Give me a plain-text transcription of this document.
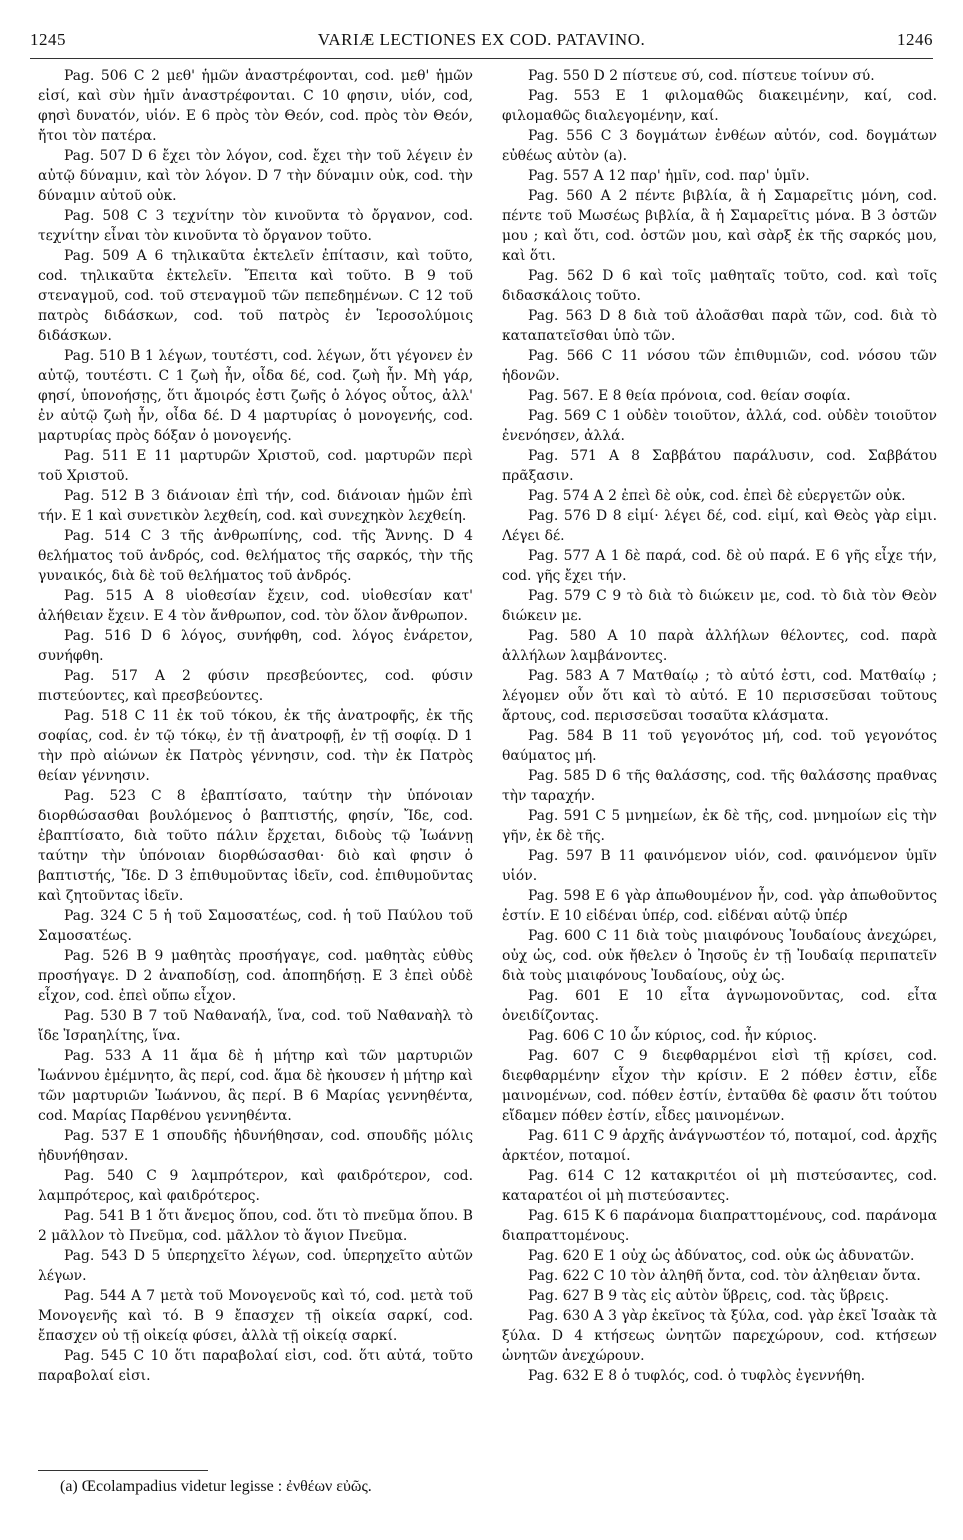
1245	VARIÆ LECTIONES EX COD. PATAVINO.	1246

Pag. 506 C 2 μεθ' ἡμῶν ἀναστρέφονται, cod. μεθ' ἡμῶν εἰσί, καὶ σὺν ἡμῖν ἀναστρέφονται. C 10 φησιν, υἱόν, cod, φησὶ δυνατόν, υἱόν. E 6 πρὸς τὸν Θεόν, cod. πρὸς τὸν Θεόν, ἤτοι τὸν πατέρα.

Pag. 507 D 6 ἔχει τὸν λόγον, cod. ἔχει τὴν τοῦ λέγειν ἐν αὐτῷ δύναμιν, καὶ τὸν λόγον. D 7 τὴν δύναμιν οὐκ, cod. τὴν δύναμιν αὐτοῦ οὐκ.

Pag. 508 C 3 τεχνίτην τὸν κινοῦντα τὸ ὄργανον, cod. τεχνίτην εἶναι τὸν κινοῦντα τὸ ὄργανον τοῦτο.

Pag. 509 A 6 τηλικαῦτα ἐκτελεῖν ἐπίτασιν, καὶ τοῦτο, cod. τηλικαῦτα ἐκτελεῖν. Ἔπειτα καὶ τοῦτο. B 9 τοῦ στεναγμοῦ, cod. τοῦ στεναγμοῦ τῶν πεπεδημένων. C 12 τοῦ πατρὸς διδάσκων, cod. τοῦ πατρὸς ἐν Ἱεροσολύμοις διδάσκων.

Pag. 510 B 1 λέγων, τουτέστι, cod. λέγων, ὅτι γέγονεν ἐν αὐτῷ, τουτέστι. C 1 ζωὴ ἦν, οἶδα δέ, cod. ζωὴ ἦν. Μὴ γάρ, φησί, ὑπονοήσῃς, ὅτι ἄμοιρός ἐστι ζωῆς ὁ λόγος οὗτος, ἀλλ' ἐν αὐτῷ ζωὴ ἦν, οἶδα δέ. D 4 μαρτυρίας ὁ μονογενής, cod. μαρτυρίας πρὸς δόξαν ὁ μονογενής.

Pag. 511 E 11 μαρτυρῶν Χριστοῦ, cod. μαρτυρῶν περὶ τοῦ Χριστοῦ.

Pag. 512 B 3 διάνοιαν ἐπὶ τήν, cod. διάνοιαν ἡμῶν ἐπὶ τήν. E 1 καὶ συνετικὸν λεχθείη, cod. καὶ συνεχηκὸν λεχθείη.

Pag. 514 C 3 τῆς ἀνθρωπίνης, cod. τῆς Ἄννης. D 4 θελήματος τοῦ ἀνδρός, cod. θελήματος τῆς σαρκός, τὴν τῆς γυναικός, διὰ δὲ τοῦ θελήματος τοῦ ἀνδρός.

Pag. 515 A 8 υἱοθεσίαν ἔχειν, cod. υἱοθεσίαν κατ' ἀλήθειαν ἔχειν. E 4 τὸν ἄνθρωπον, cod. τὸν ὅλον ἄνθρωπον.

Pag. 516 D 6 λόγος, συνήφθη, cod. λόγος ἐνάρετον, συνήφθη.

Pag. 517 A 2 φύσιν πρεσβεύοντες, cod. φύσιν πιστεύοντες, καὶ πρεσβεύοντες.

Pag. 518 C 11 ἐκ τοῦ τόκου, ἐκ τῆς ἀνατροφῆς, ἐκ τῆς σοφίας, cod. ἐν τῷ τόκῳ, ἐν τῇ ἀνατροφῇ, ἐν τῇ σοφίᾳ. D 1 τὴν πρὸ αἰώνων ἐκ Πατρὸς γέννησιν, cod. τὴν ἐκ Πατρὸς θείαν γέννησιν.

Pag. 523 C 8 ἐβαπτίσατο, ταύτην τὴν ὑπόνοιαν διορθώσασθαι βουλόμενος ὁ βαπτιστής, φησίν, Ἴδε, cod. ἐβαπτίσατο, διὰ τοῦτο πάλιν ἔρχεται, διδοὺς τῷ Ἰωάννῃ ταύτην τὴν ὑπόνοιαν διορθώσασθαι· διὸ καὶ φησιν ὁ βαπτιστής, Ἴδε. D 3 ἐπιθυμοῦντας ἰδεῖν, cod. ἐπιθυμοῦντας καὶ ζητοῦντας ἰδεῖν.

Pag. 324 C 5 ἡ τοῦ Σαμοσατέως, cod. ἡ τοῦ Παύλου τοῦ Σαμοσατέως.

Pag. 526 B 9 μαθητὰς προσήγαγε, cod. μαθητὰς εὐθὺς προσήγαγε. D 2 ἀναποδίσῃ, cod. ἀποπηδήσῃ. E 3 ἐπεὶ οὐδὲ εἶχον, cod. ἐπεὶ οὔπω εἶχον.

Pag. 530 B 7 τοῦ Ναθαναήλ, ἵνα, cod. τοῦ Ναθαναὴλ τὸ ἴδε Ἰσραηλίτης, ἵνα.

Pag. 533 A 11 ἅμα δὲ ἡ μήτηρ καὶ τῶν μαρτυριῶν Ἰωάννου ἐμέμνητο, ἃς περί, cod. ἅμα δὲ ἠκουσεν ἡ μήτηρ καὶ τῶν μαρτυριῶν Ἰωάννου, ἃς περί. B 6 Μαρίας γεννηθέντα, cod. Μαρίας Παρθένου γεννηθέντα.

Pag. 537 E 1 σπουδῆς ἠδυνήθησαν, cod. σπουδῆς μόλις ἠδυνήθησαν.

Pag. 540 C 9 λαμπρότερον, καὶ φαιδρότερον, cod. λαμπρότερος, καὶ φαιδρότερος.

Pag. 541 B 1 ὅτι ἄνεμος ὅπου, cod. ὅτι τὸ πνεῦμα ὅπου. B 2 μᾶλλον τὸ Πνεῦμα, cod. μᾶλλον τὸ ἅγιον Πνεῦμα.

Pag. 543 D 5 ὑπερηχεῖτο λέγων, cod. ὑπερηχεῖτο αὐτῶν λέγων.

Pag. 544 A 7 μετὰ τοῦ Μονογενοῦς καὶ τό, cod. μετὰ τοῦ Μονογενῆς καὶ τό. B 9 ἔπασχεν τῇ οἰκεία σαρκί, cod. ἔπασχεν οὐ τῇ οἰκείᾳ φύσει, ἀλλὰ τῇ οἰκείᾳ σαρκί.

Pag. 545 C 10 ὅτι παραβολαί εἰσι, cod. ὅτι αὐτά, τοῦτο παραβολαί εἰσι.

Pag. 550 D 2 πίστευε σύ, cod. πίστευε τοίνυν σύ.

Pag. 553 E 1 φιλομαθῶς διακειμένην, καί, cod. φιλομαθῶς διαλεγομένην, καί.

Pag. 556 C 3 δογμάτων ἐνθέων αὐτόν, cod. δογμάτων εὐθέως αὐτὸν (a).

Pag. 557 A 12 παρ' ἡμῖν, cod. παρ' ὑμῖν.

Pag. 560 A 2 πέντε βιβλία, ἃ ἡ Σαμαρεῖτις μόνη, cod. πέντε τοῦ Μωσέως βιβλία, ἃ ἡ Σαμαρεῖτις μόνα. B 3 ὀστῶν μου ; καὶ ὅτι, cod. ὀστῶν μου, καὶ σὰρξ ἐκ τῆς σαρκός μου, καὶ ὅτι.

Pag. 562 D 6 καὶ τοῖς μαθηταῖς τοῦτο, cod. καὶ τοῖς διδασκάλοις τοῦτο.

Pag. 563 D 8 διὰ τοῦ ἀλοᾶσθαι παρὰ τῶν, cod. διὰ τὸ καταπατεῖσθαι ὑπὸ τῶν.

Pag. 566 C 11 νόσου τῶν ἐπιθυμιῶν, cod. νόσου τῶν ἡδονῶν.

Pag. 567. E 8 θεία πρόνοια, cod. θείαν σοφία.

Pag. 569 C 1 οὐδὲν τοιοῦτον, ἀλλά, cod. οὐδὲν τοιοῦτον ἐνενόησεν, ἀλλά.

Pag. 571 A 8 Σαββάτου παράλυσιν, cod. Σαββάτου πρᾶξασιν.

Pag. 574 A 2 ἐπεὶ δὲ οὐκ, cod. ἐπεὶ δὲ εὐεργετῶν οὐκ.

Pag. 576 D 8 εἰμί· λέγει δέ, cod. εἰμί, καὶ Θεὸς γὰρ εἰμι. Λέγει δέ.

Pag. 577 A 1 δὲ παρά, cod. δὲ οὐ παρά. E 6 γῆς εἶχε τήν, cod. γῆς ἔχει τήν.

Pag. 579 C 9 τὸ διὰ τὸ διώκειν με, cod. τὸ διὰ τὸν Θεὸν διώκειν με.

Pag. 580 A 10 παρὰ ἀλλήλων θέλοντες, cod. παρὰ ἀλλήλων λαμβάνοντες.

Pag. 583 A 7 Ματθαίῳ ; τὸ αὐτό ἐστι, cod. Ματθαίῳ ; λέγομεν οὖν ὅτι καὶ τὸ αὐτό. E 10 περισσεῦσαι τοῦτους ἄρτους, cod. περισσεῦσαι τοσαῦτα κλάσματα.

Pag. 584 B 11 τοῦ γεγονότος μή, cod. τοῦ γεγονότος θαύματος μή.

Pag. 585 D 6 τῆς θαλάσσης, cod. τῆς θαλάσσης πραθνας τὴν ταραχήν.

Pag. 591 C 5 μνημείων, ἐκ δὲ τῆς, cod. μνημοίων εἰς τὴν γῆν, ἐκ δὲ τῆς.

Pag. 597 B 11 φαινόμενον υἱόν, cod. φαινόμενον ὑμῖν υἱόν.

Pag. 598 E 6 γὰρ ἀπωθουμένον ἦν, cod. γὰρ ἀπωθοῦντος ἐστίν. E 10 εἰδέναι ὑπέρ, cod. εἰδέναι αὐτῷ ὑπέρ

Pag. 600 C 11 διὰ τοὺς μιαιφόνους Ἰουδαίους ἀνεχώρει, οὐχ ὡς, cod. οὐκ ἤθελεν ὁ Ἰησοῦς ἐν τῇ Ἰουδαίᾳ περιπατεῖν διὰ τοὺς μιαιφόνους Ἰουδαίους, οὐχ ὡς.

Pag. 601 E 10 εἶτα ἀγνωμονοῦντας, cod. εἶτα ὀνειδίζοντας.

Pag. 606 C 10 ὧν κύριος, cod. ἦν κύριος.

Pag. 607 C 9 διεφθαρμένοι εἰσὶ τῇ κρίσει, cod. διεφθαρμένην εἶχον τὴν κρίσιν. E 2 πόθεν ἐστιν, εἶδε μαινομένων, cod. πόθεν ἐστίν, ἐνταῦθα δὲ φασιν ὅτι τούτου εἴδαμεν πόθεν ἐστίν, εἶδες μαινομένων.

Pag. 611 C 9 ἀρχῆς ἀνάγνωστέον τό, ποταμοί, cod. ἀρχῆς ἀρκτέον, ποταμοί.

Pag. 614 C 12 κατακριτέοι οἱ μὴ πιστεύσαντες, cod. καταρατέοι οἱ μὴ πιστεύσαντες.

Pag. 615 K 6 παράνομα διαπραττομένους, cod. παράνομα διαπραττομένους.

Pag. 620 E 1 οὐχ ὡς ἀδύνατος, cod. οὐκ ὡς ἀδυνατῶν.

Pag. 622 C 10 τὸν ἀληθῆ ὄντα, cod. τὸν ἀληθειαν ὄντα.

Pag. 627 B 9 τὰς εἰς αὐτὸν ὕβρεις, cod. τὰς ὕβρεις.

Pag. 630 A 3 γὰρ ἐκεῖνος τὰ ξύλα, cod. γὰρ ἐκεῖ Ἰσαὰκ τὰ ξύλα. D 4 κτήσεως ὠνητῶν παρεχώρουν, cod. κτήσεων ὠνητῶν ἀνεχώρουν.

Pag. 632 E 8 ὁ τυφλός, cod. ὁ τυφλὸς ἐγεννήθη.

(a) Œcolampadius videtur legisse : ἐνθέων εὐῶς.
